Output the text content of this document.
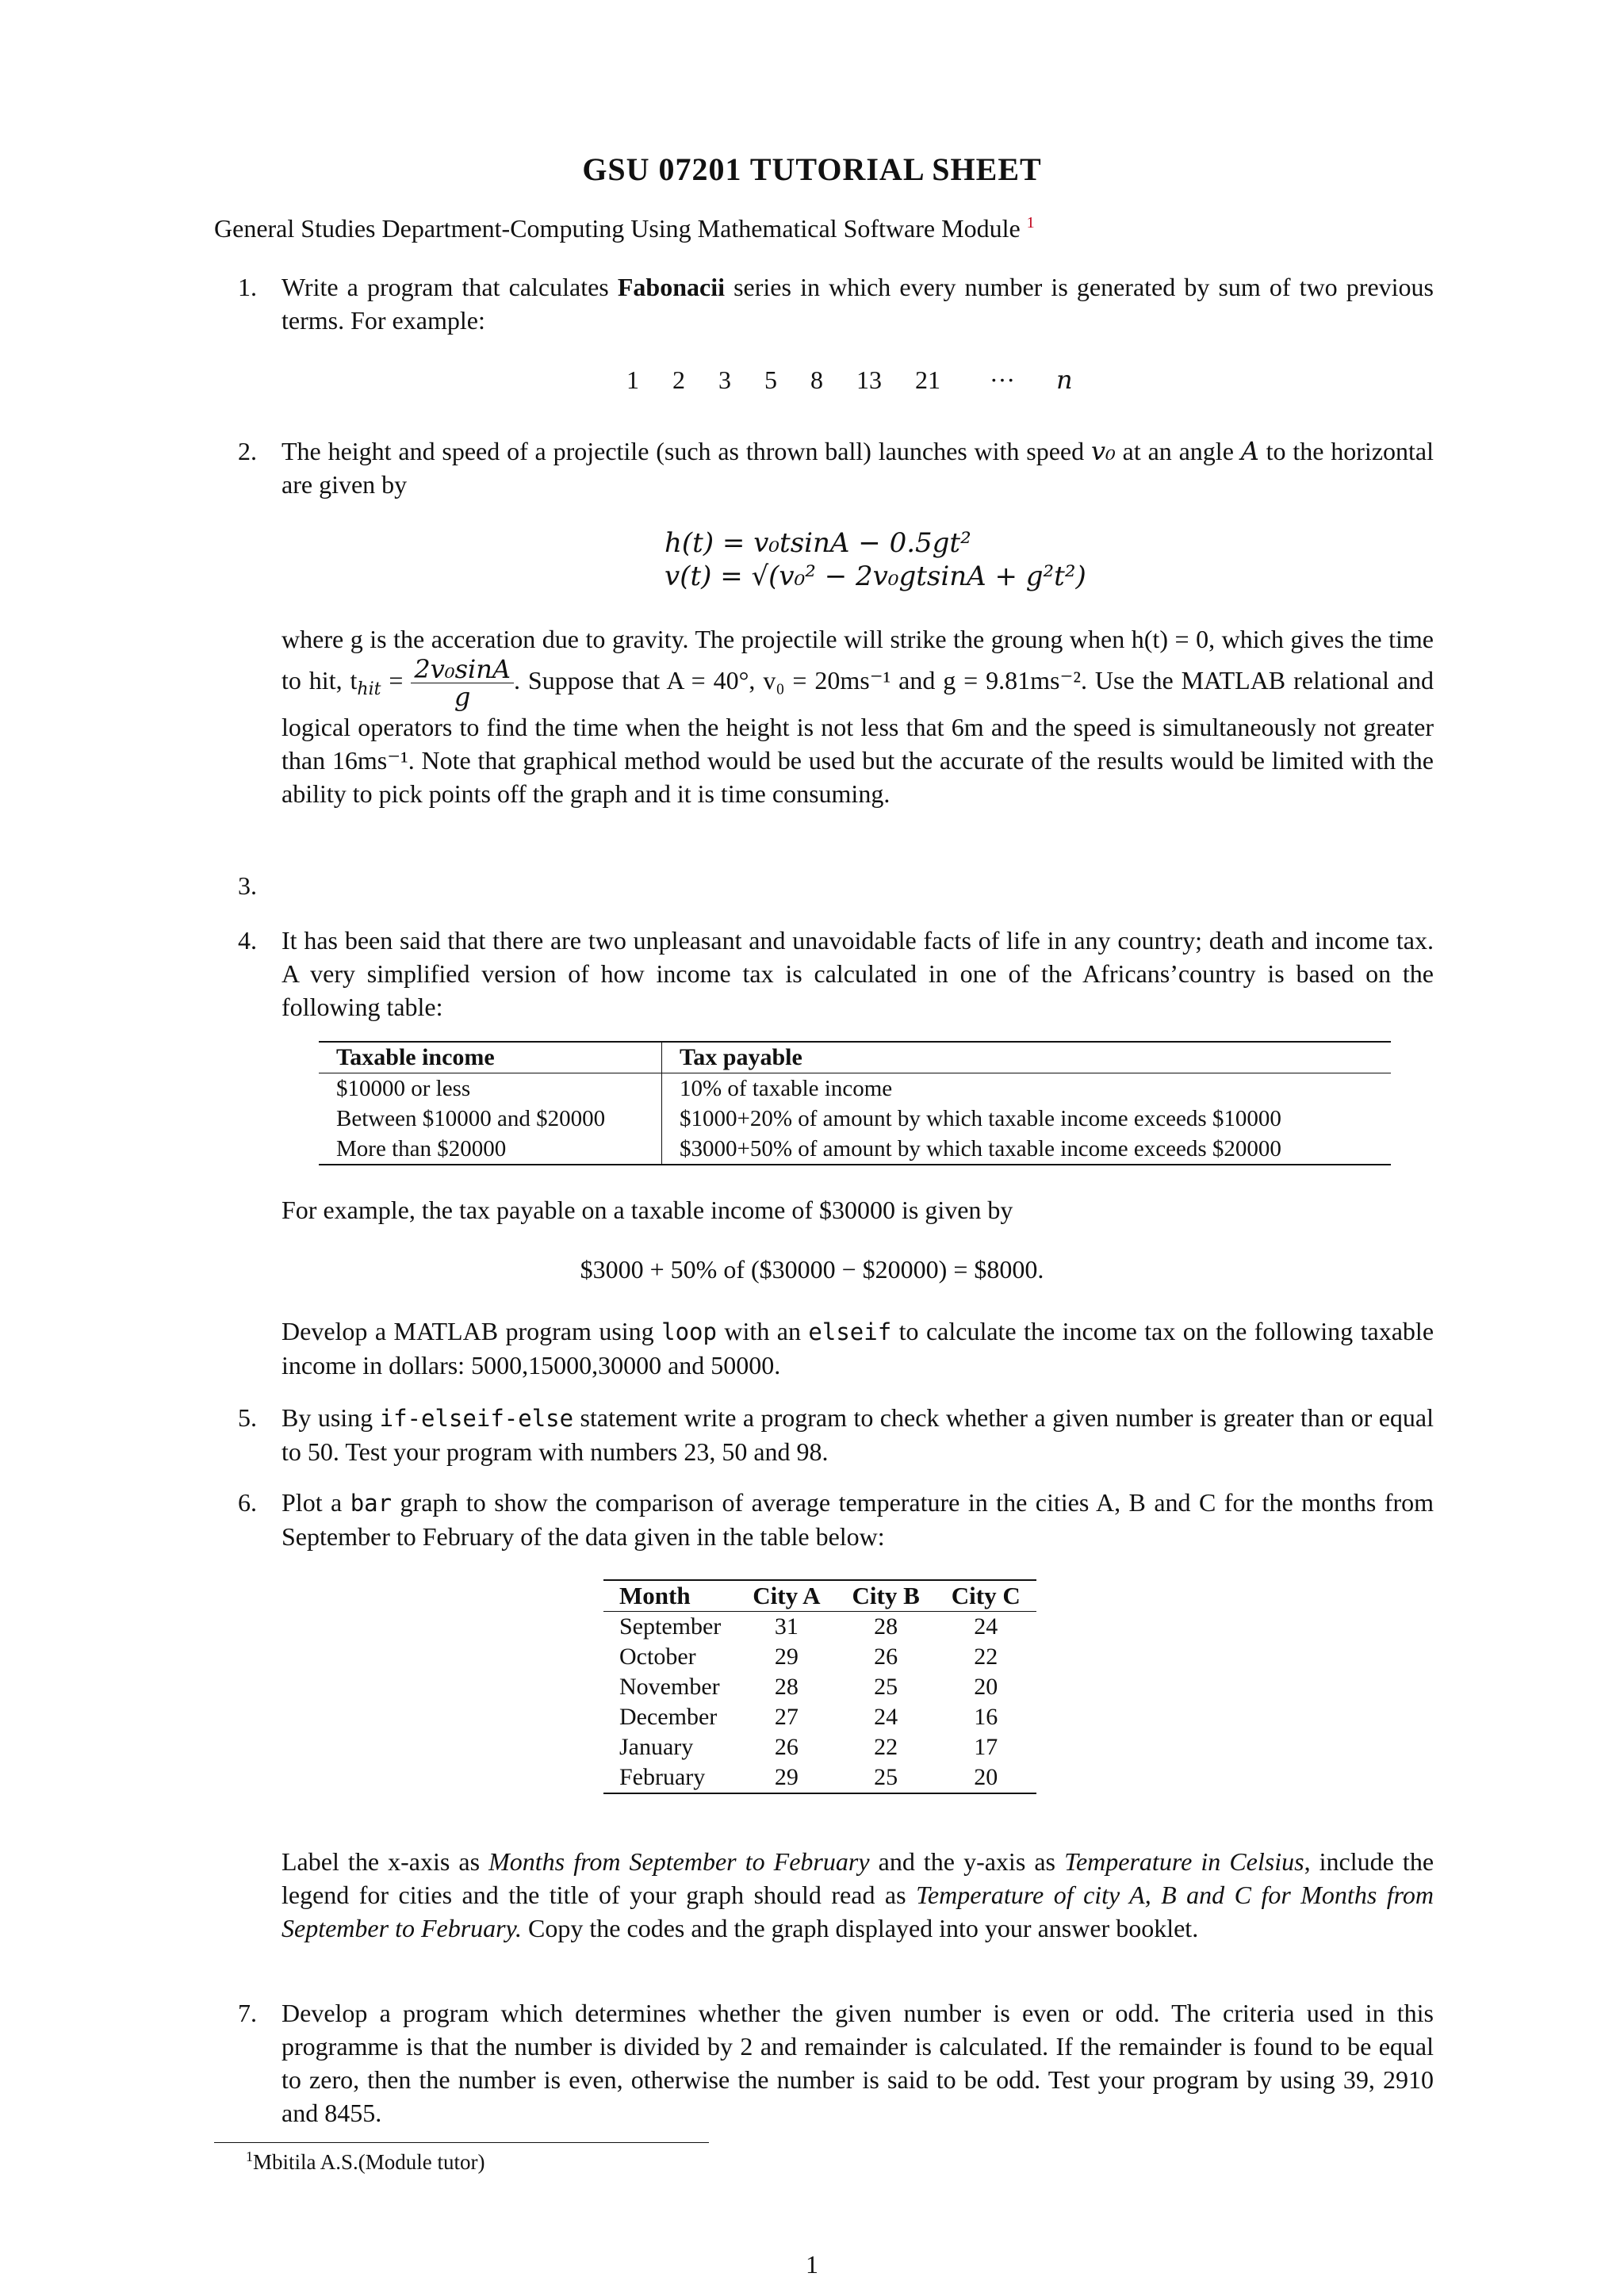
GSU 07201 TUTORIAL SHEET
General Studies Department-Computing Using Mathematical Software Module $^1$
1. Write a program that calculates Fabonacii series in which every number is generated by sum of two previous terms. For example:
1 2 3 5 8 13 21 ··· n
2. The height and speed of a projectile (such as thrown ball) launches with speed v₀ at an angle A to the horizontal are given by
h(t) = v₀tsinA − 0.5gt²
v(t) = √(v₀² − 2v₀gtsinA + g²t²)
where g is the acceration due to gravity. The projectile will strike the groung when h(t) = 0, which gives the time to hit, $t_{hit} = \frac{\text{2v₀sinA}}{g}$ . Suppose that A = 40°, v₀ = 20ms⁻¹ and g = 9.81ms⁻². Use the MATLAB relational and logical operators to find the time when the height is not less that 6m and the speed is simultaneously not greater than 16ms⁻¹. Note that graphical method would be used but the accurate of the results would be limited with the ability to pick points off the graph and it is time consuming.
3.
4. It has been said that there are two unpleasant and unavoidable facts of life in any country; death and income tax. A very simplified version of how income tax is calculated in one of the Africans’country is based on the following table:
Taxable income	Tax payable
$10000 or less	10% of taxable income
Between $10000 and $20000	$1000+20% of amount by which taxable income exceeds $10000
More than $20000	$3000+50% of amount by which taxable income exceeds $20000
For example, the tax payable on a taxable income of $30000 is given by
$3000 + 50% of ($30000 − $20000) = $8000.
Develop a MATLAB program using loop with an elseif to calculate the income tax on the following taxable income in dollars: 5000,15000,30000 and 50000.
5. By using if-elseif-else statement write a program to check whether a given number is greater than or equal to 50. Test your program with numbers 23, 50 and 98.
6. Plot a bar graph to show the comparison of average temperature in the cities A, B and C for the months from September to February of the data given in the table below:
Month	City A	City B	City C
September	31	28	24
October	29	26	22
November	28	25	20
December	27	24	16
January	26	22	17
February	29	25	20
Label the x-axis as Months from September to February and the y-axis as Temperature in Celsius, include the legend for cities and the title of your graph should read as Temperature of city A, B and C for Months from September to February. Copy the codes and the graph displayed into your answer booklet.
7. Develop a program which determines whether the given number is even or odd. The criteria used in this programme is that the number is divided by 2 and remainder is calculated. If the remainder is found to be equal to zero, then the number is even, otherwise the number is said to be odd. Test your program by using 39, 2910 and 8455.
$^1$Mbitila A.S.(Module tutor)
1
